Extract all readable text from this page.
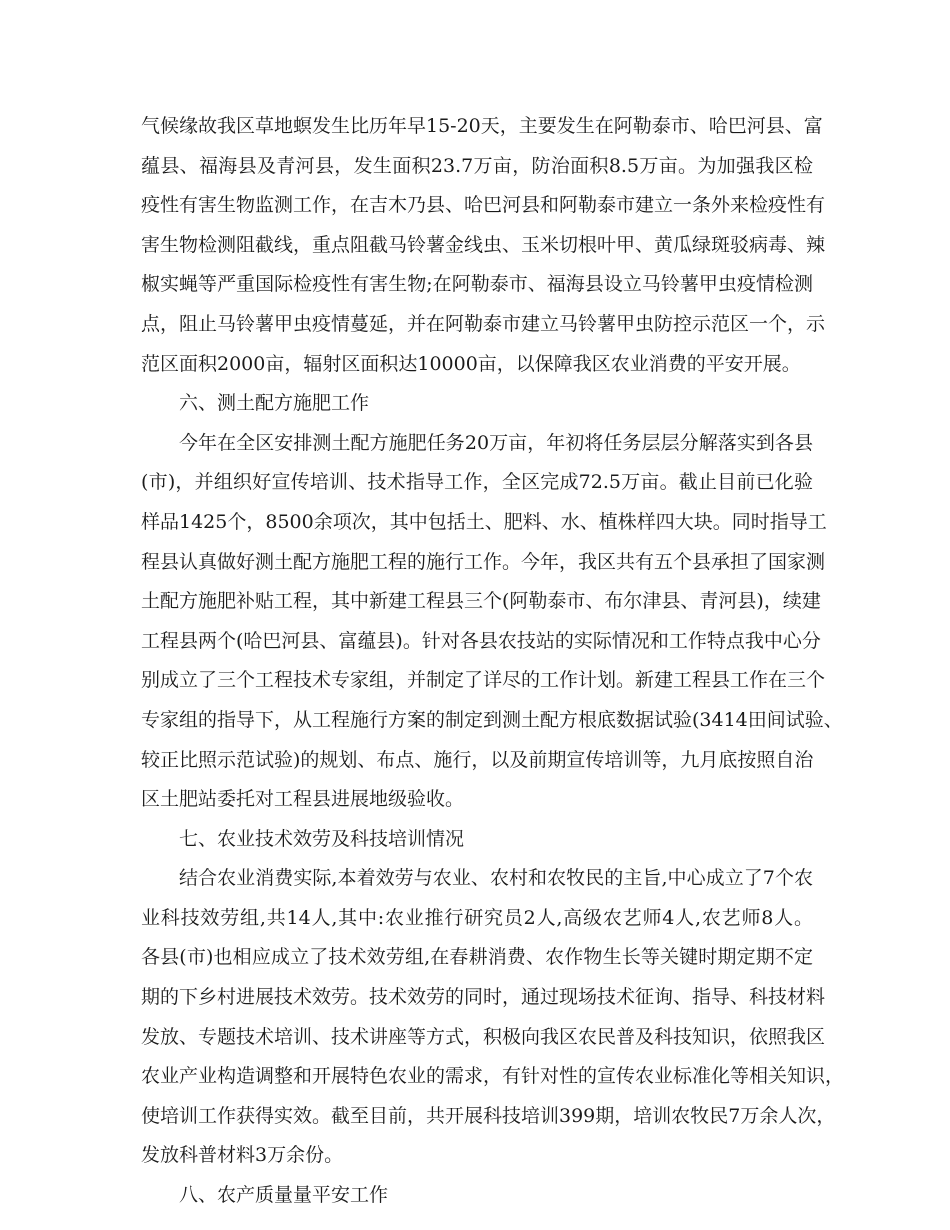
气候缘故我区草地螟发生比历年早15-20天，主要发生在阿勒泰市、哈巴河县、富
蕴县、福海县及青河县，发生面积23.7万亩，防治面积8.5万亩。为加强我区检
疫性有害生物监测工作，在吉木乃县、哈巴河县和阿勒泰市建立一条外来检疫性有
害生物检测阻截线，重点阻截马铃薯金线虫、玉米切根叶甲、黄瓜绿斑驳病毒、辣
椒实蝇等严重国际检疫性有害生物;在阿勒泰市、福海县设立马铃薯甲虫疫情检测
点，阻止马铃薯甲虫疫情蔓延，并在阿勒泰市建立马铃薯甲虫防控示范区一个，示
范区面积2000亩，辐射区面积达10000亩，以保障我区农业消费的平安开展。
六、测土配方施肥工作
今年在全区安排测土配方施肥任务20万亩，年初将任务层层分解落实到各县
(市)，并组织好宣传培训、技术指导工作，全区完成72.5万亩。截止目前已化验
样品1425个，8500余项次，其中包括土、肥料、水、植株样四大块。同时指导工
程县认真做好测土配方施肥工程的施行工作。今年，我区共有五个县承担了国家测
土配方施肥补贴工程，其中新建工程县三个(阿勒泰市、布尔津县、青河县)，续建
工程县两个(哈巴河县、富蕴县)。针对各县农技站的实际情况和工作特点我中心分
别成立了三个工程技术专家组，并制定了详尽的工作计划。新建工程县工作在三个
专家组的指导下，从工程施行方案的制定到测土配方根底数据试验(3414田间试验、
较正比照示范试验)的规划、布点、施行，以及前期宣传培训等，九月底按照自治
区土肥站委托对工程县进展地级验收。
七、农业技术效劳及科技培训情况
结合农业消费实际,本着效劳与农业、农村和农牧民的主旨,中心成立了7个农
业科技效劳组,共14人,其中:农业推行研究员2人,高级农艺师4人,农艺师8人。
各县(市)也相应成立了技术效劳组,在春耕消费、农作物生长等关键时期定期不定
期的下乡村进展技术效劳。技术效劳的同时，通过现场技术征询、指导、科技材料
发放、专题技术培训、技术讲座等方式，积极向我区农民普及科技知识，依照我区
农业产业构造调整和开展特色农业的需求，有针对性的宣传农业标准化等相关知识，
使培训工作获得实效。截至目前，共开展科技培训399期，培训农牧民7万余人次，
发放科普材料3万余份。
八、农产质量量平安工作
